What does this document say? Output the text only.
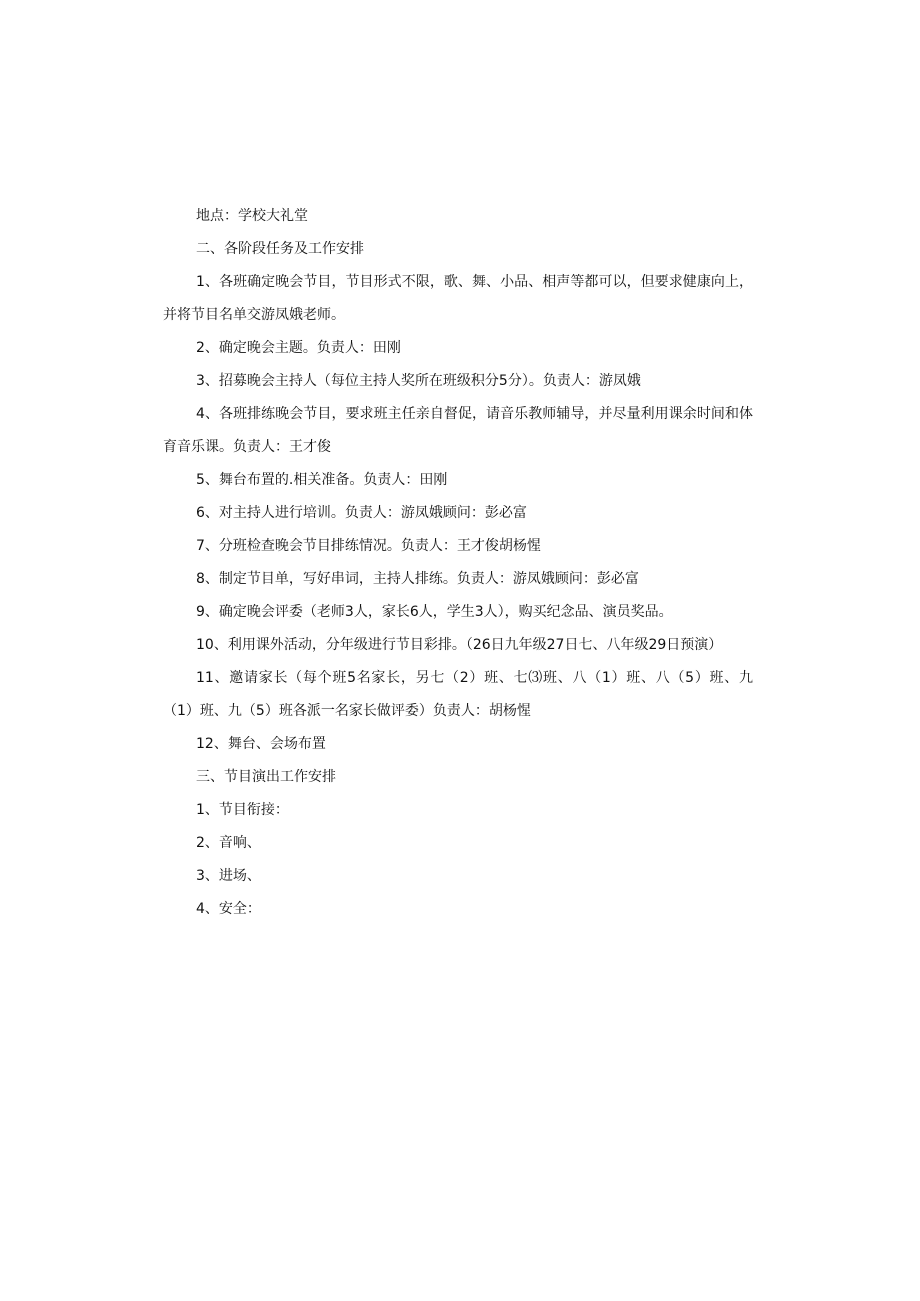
地点：学校大礼堂

二、各阶段任务及工作安排

1、各班确定晚会节目，节目形式不限，歌、舞、小品、相声等都可以，但要求健康向上，并将节目名单交游凤娥老师。

2、确定晚会主题。负责人：田刚

3、招募晚会主持人（每位主持人奖所在班级积分5分）。负责人：游凤娥

4、各班排练晚会节目，要求班主任亲自督促，请音乐教师辅导，并尽量利用课余时间和体育音乐课。负责人：王才俊

5、舞台布置的.相关准备。负责人：田刚

6、对主持人进行培训。负责人：游凤娥顾问：彭必富

7、分班检查晚会节目排练情况。负责人：王才俊胡杨惺

8、制定节目单，写好串词，主持人排练。负责人：游凤娥顾问：彭必富

9、确定晚会评委（老师3人，家长6人，学生3人），购买纪念品、演员奖品。

10、利用课外活动，分年级进行节目彩排。（26日九年级27日七、八年级29日预演）

11、邀请家长（每个班5名家长，另七（2）班、七⑶班、八（1）班、八（5）班、九（1）班、九（5）班各派一名家长做评委）负责人：胡杨惺

12、舞台、会场布置

三、节目演出工作安排

1、节目衔接：

2、音响、

3、进场、

4、安全：
